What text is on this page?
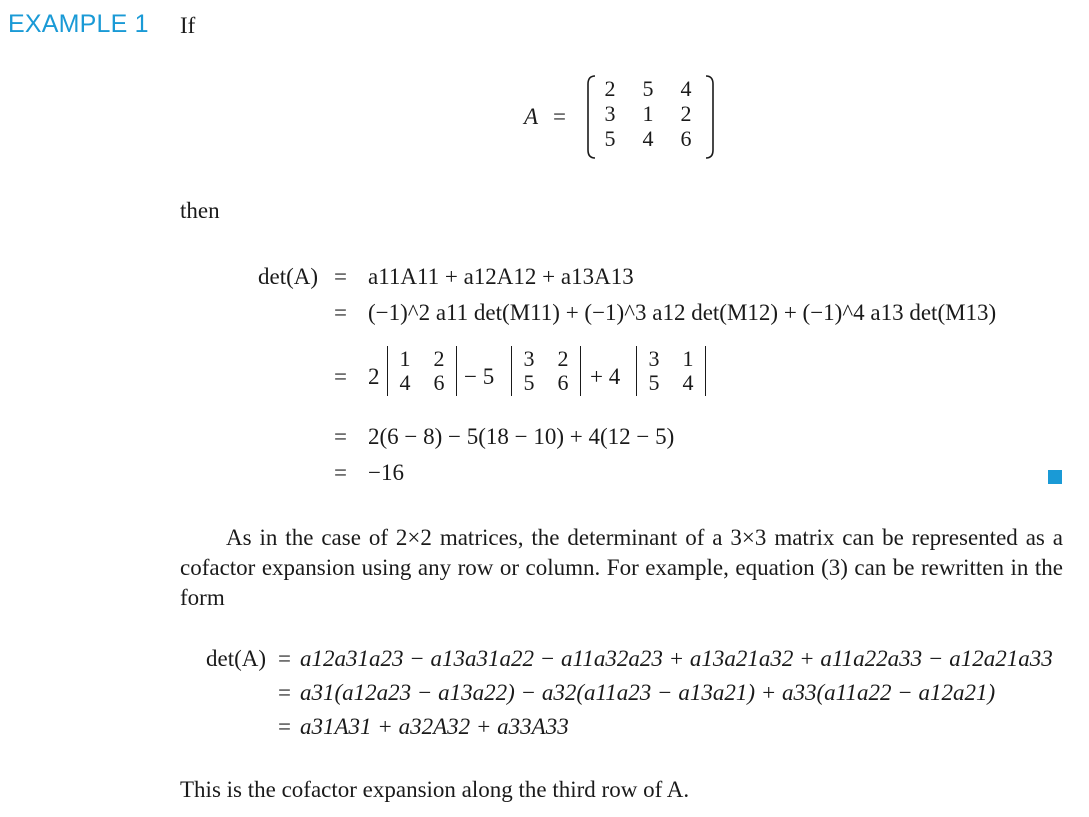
EXAMPLE 1 If
A =
2	5	4
3	1	2
5	4	6
then
det(A) = a11A11 + a12A12 + a13A13
= (−1)^2 a11 det(M11) + (−1)^3 a12 det(M12) + (−1)^4 a13 det(M13)
= 2
1	2
4	6 − 5
3	2
5	6 + 4
3	1
5	4
= 2(6 − 8) − 5(18 − 10) + 4(12 − 5)
= −16
As in the case of 2×2 matrices, the determinant of a 3×3 matrix can be represented as a cofactor expansion using any row or column. For example, equation (3) can be rewritten in the form
det(A) = a12a31a23 − a13a31a22 − a11a32a23 + a13a21a32 + a11a22a33 − a12a21a33
= a31(a12a23 − a13a22) − a32(a11a23 − a13a21) + a33(a11a22 − a12a21)
= a31A31 + a32A32 + a33A33
This is the cofactor expansion along the third row of A.
